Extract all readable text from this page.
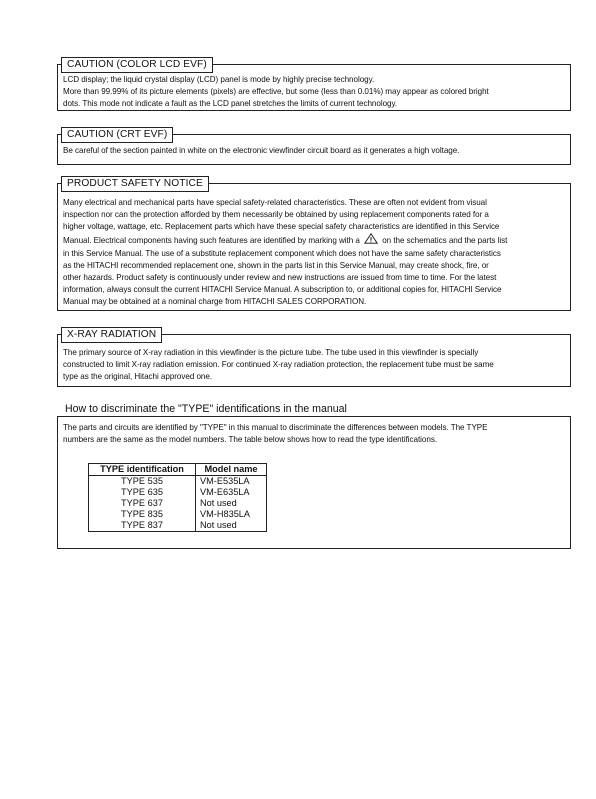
CAUTION (COLOR LCD EVF)

LCD display; the liquid crystal display (LCD) panel is mode by highly precise technology.

More than 99.99% of its picture elements (pixels) are effective, but some (less than 0.01%) may appear as colored bright

dots. This mode not indicate a fault as the LCD panel stretches the limits of current technology.

CAUTION (CRT EVF)

Be careful of the section painted in white on the electronic viewfinder circuit board as it generates a high voltage.

PRODUCT SAFETY NOTICE

Many electrical and mechanical parts have special safety-related characteristics. These are often not evident from visual

inspection nor can the protection afforded by them necessarily be obtained by using replacement components rated for a

higher voltage, wattage, etc. Replacement parts which have these special safety characteristics are identified in this Service

Manual. Electrical components having such features are identified by marking with a	on the schematics and the parts list

in this Service Manual. The use of a substitute replacement component which does not have the same safety characteristics

as the HITACHI recommended replacement one, shown in the parts list in this Service Manual, may create shock, fire, or

other hazards. Product safety is continuously under review and new instructions are issued from time to time. For the latest

information, always consult the current HITACHI Service Manual. A subscription to, or additional copies for, HITACHI Service

Manual may be obtained at a nominal charge from HITACHI SALES CORPORATION.

X-RAY RADIATION

The primary source of X-ray radiation in this viewfinder is the picture tube. The tube used in this viewfinder is specially

constructed to limit X-ray radiation emission. For continued X-ray radiation protection, the replacement tube must be same

type as the original, Hitachi approved one.

How to discriminate the "TYPE" identifications in the manual

The parts and circuits are identified by "TYPE" in this manual to discriminate the differences between models. The TYPE

numbers are the same as the model numbers. The table below shows how to read the type identifications.

TYPE identification	Model name
TYPE 535	VM-E535LA
TYPE 635	VM-E635LA
TYPE 637	Not used
TYPE 835	VM-H835LA
TYPE 837	Not used
